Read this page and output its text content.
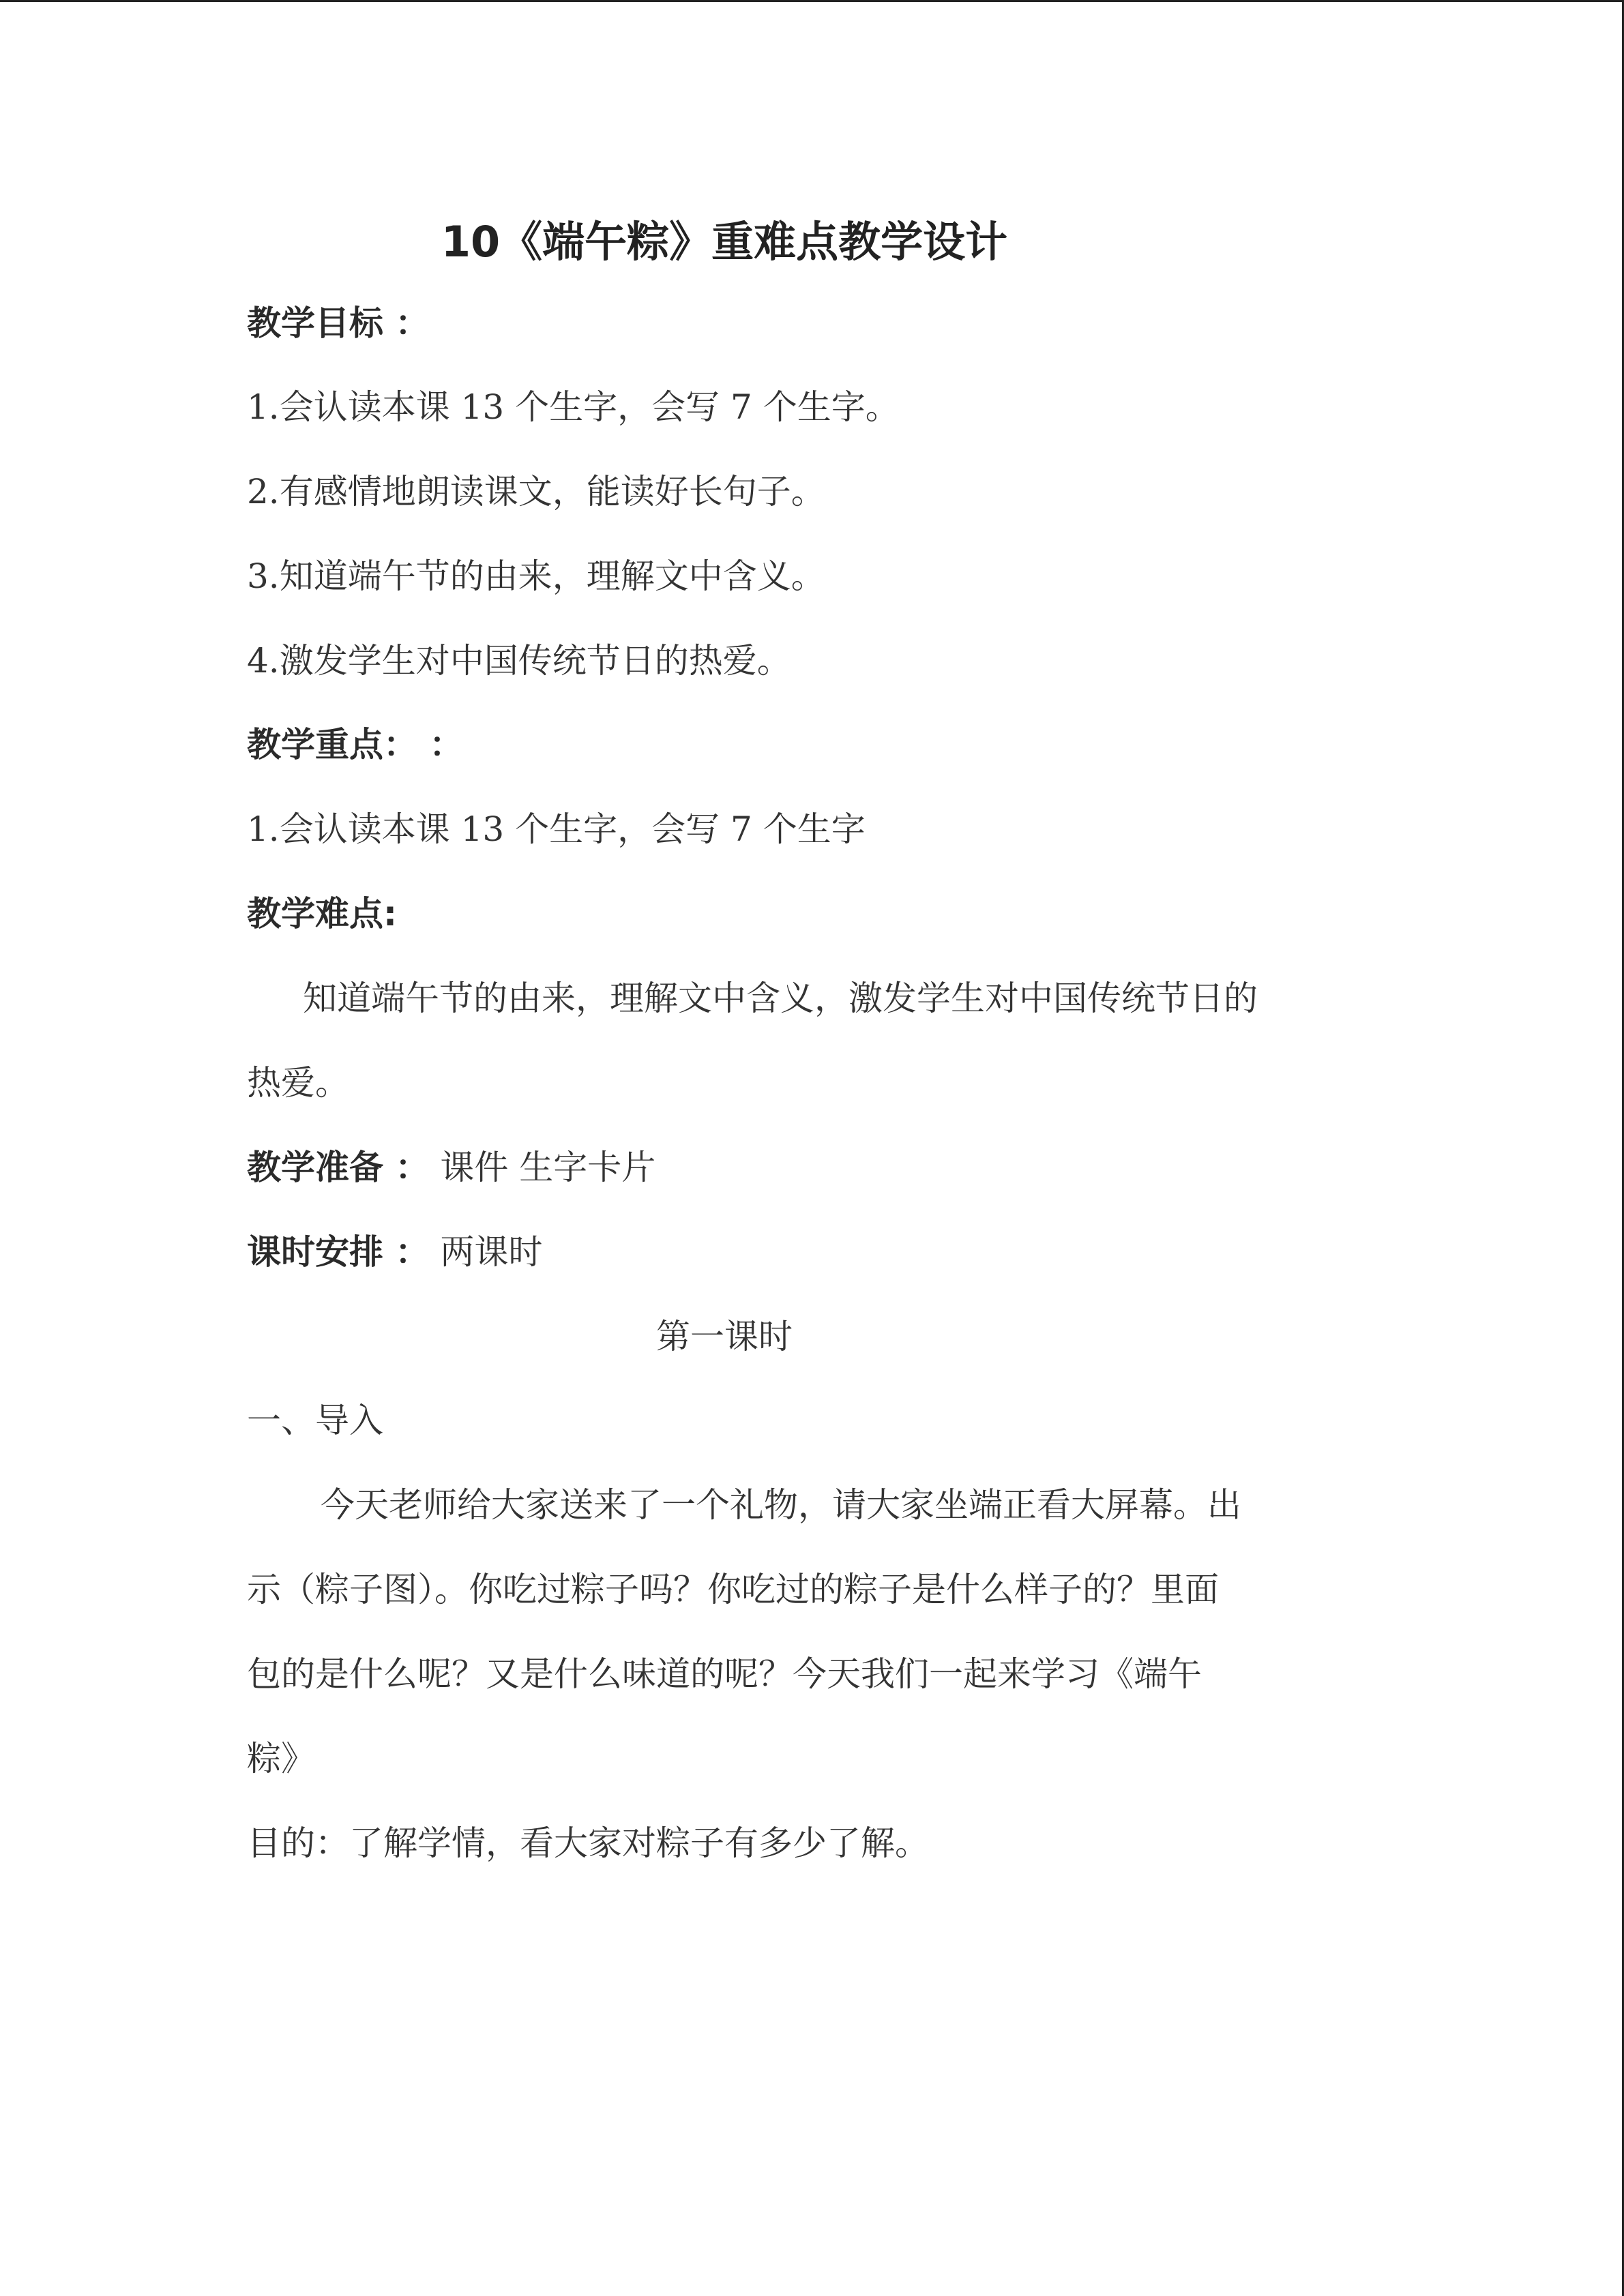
10《端午粽》重难点教学设计
教学目标 ：
1.会认读本课 13 个生字，会写 7 个生字。
2.有感情地朗读课文，能读好长句子。
3.知道端午节的由来，理解文中含义。
4.激发学生对中国传统节日的热爱。
教学重点： ：
1.会认读本课 13 个生字，会写 7 个生字
教学难点:
知道端午节的由来，理解文中含义，激发学生对中国传统节日的
热爱。
教学准备 ： 课件 生字卡片
课时安排 ： 两课时
第一课时
一、导入
今天老师给大家送来了一个礼物，请大家坐端正看大屏幕。出
示（粽子图）。你吃过粽子吗？你吃过的粽子是什么样子的？里面
包的是什么呢？又是什么味道的呢？今天我们一起来学习《端午
粽》
目的：了解学情，看大家对粽子有多少了解。
